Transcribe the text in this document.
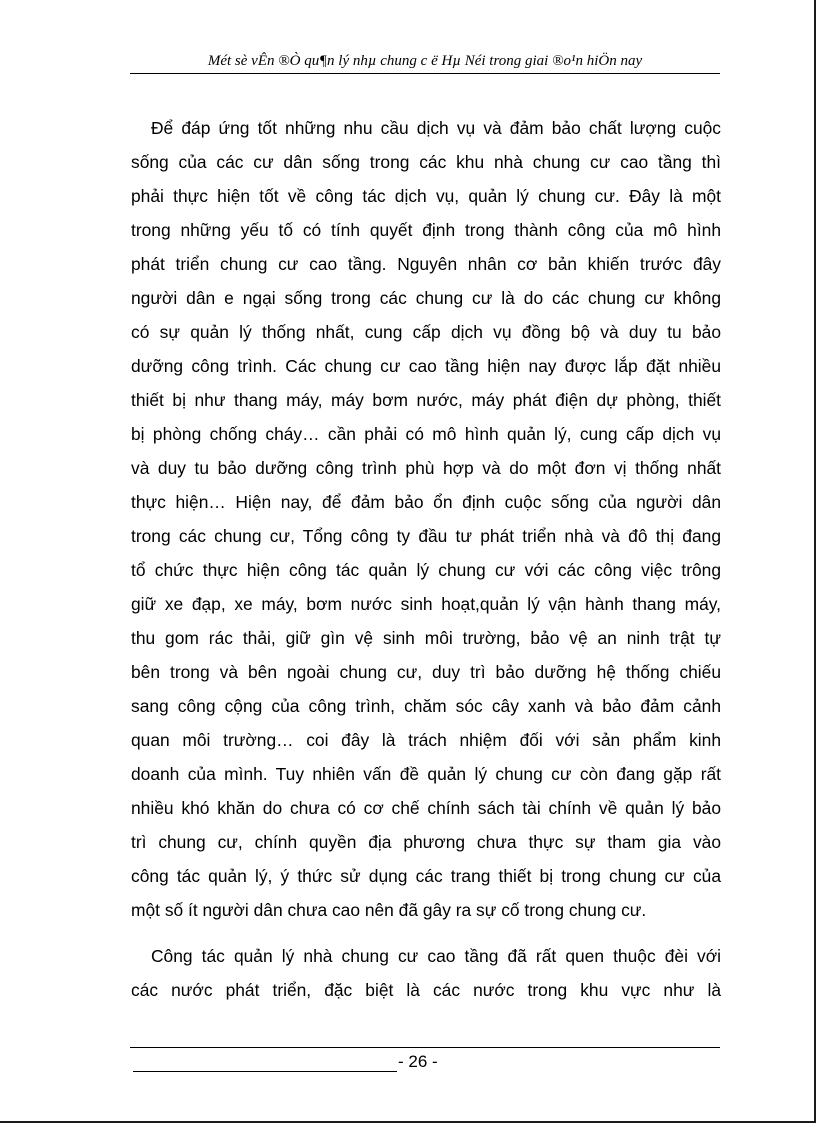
Mét sè vÊn ®Ò qu¶n lý nhµ chung c ë Hµ Néi trong giai ®o¹n hiÖn nay
Để đáp ứng tốt những nhu cầu dịch vụ và đảm bảo chất lượng cuộc
sống của các cư dân sống trong các khu nhà chung cư cao tầng thì
phải thực hiện tốt về công tác dịch vụ, quản lý chung cư. Đây là một
trong những yếu tố có tính quyết định trong thành công của mô hình
phát triển chung cư cao tầng. Nguyên nhân cơ bản khiến trước đây
người dân e ngại sống trong các chung cư là do các chung cư không
có sự quản lý thống nhất, cung cấp dịch vụ đồng bộ và duy tu bảo
dưỡng công trình. Các chung cư cao tầng hiện nay được lắp đặt nhiều
thiết bị như thang máy, máy bơm nước, máy phát điện dự phòng, thiết
bị phòng chống cháy… cần phải có mô hình quản lý, cung cấp dịch vụ
và duy tu bảo dưỡng công trình phù hợp và do một đơn vị thống nhất
thực hiện… Hiện nay, để đảm bảo ổn định cuộc sống của người dân
trong các chung cư, Tổng công ty đầu tư phát triển nhà và đô thị đang
tổ chức thực hiện công tác quản lý chung cư với các công việc trông
giữ xe đạp, xe máy, bơm nước sinh hoạt,quản lý vận hành thang máy,
thu gom rác thải, giữ gìn vệ sinh môi trường, bảo vệ an ninh trật tự
bên trong và bên ngoài chung cư, duy trì bảo dưỡng hệ thống chiếu
sang công cộng của công trình, chăm sóc cây xanh và bảo đảm cảnh
quan môi trường… coi đây là trách nhiệm đối với sản phẩm kinh
doanh của mình. Tuy nhiên vấn đề quản lý chung cư còn đang gặp rất
nhiều khó khăn do chưa có cơ chế chính sách tài chính về quản lý bảo
trì chung cư, chính quyền địa phương chưa thực sự tham gia vào
công tác quản lý, ý thức sử dụng các trang thiết bị trong chung cư của
một số ít người dân chưa cao nên đã gây ra sự cố trong chung cư.
Công tác quản lý nhà chung cư cao tầng đã rất quen thuộc đèi với
các nước phát triển, đặc biệt là các nước trong khu vực như là
- 26 -
